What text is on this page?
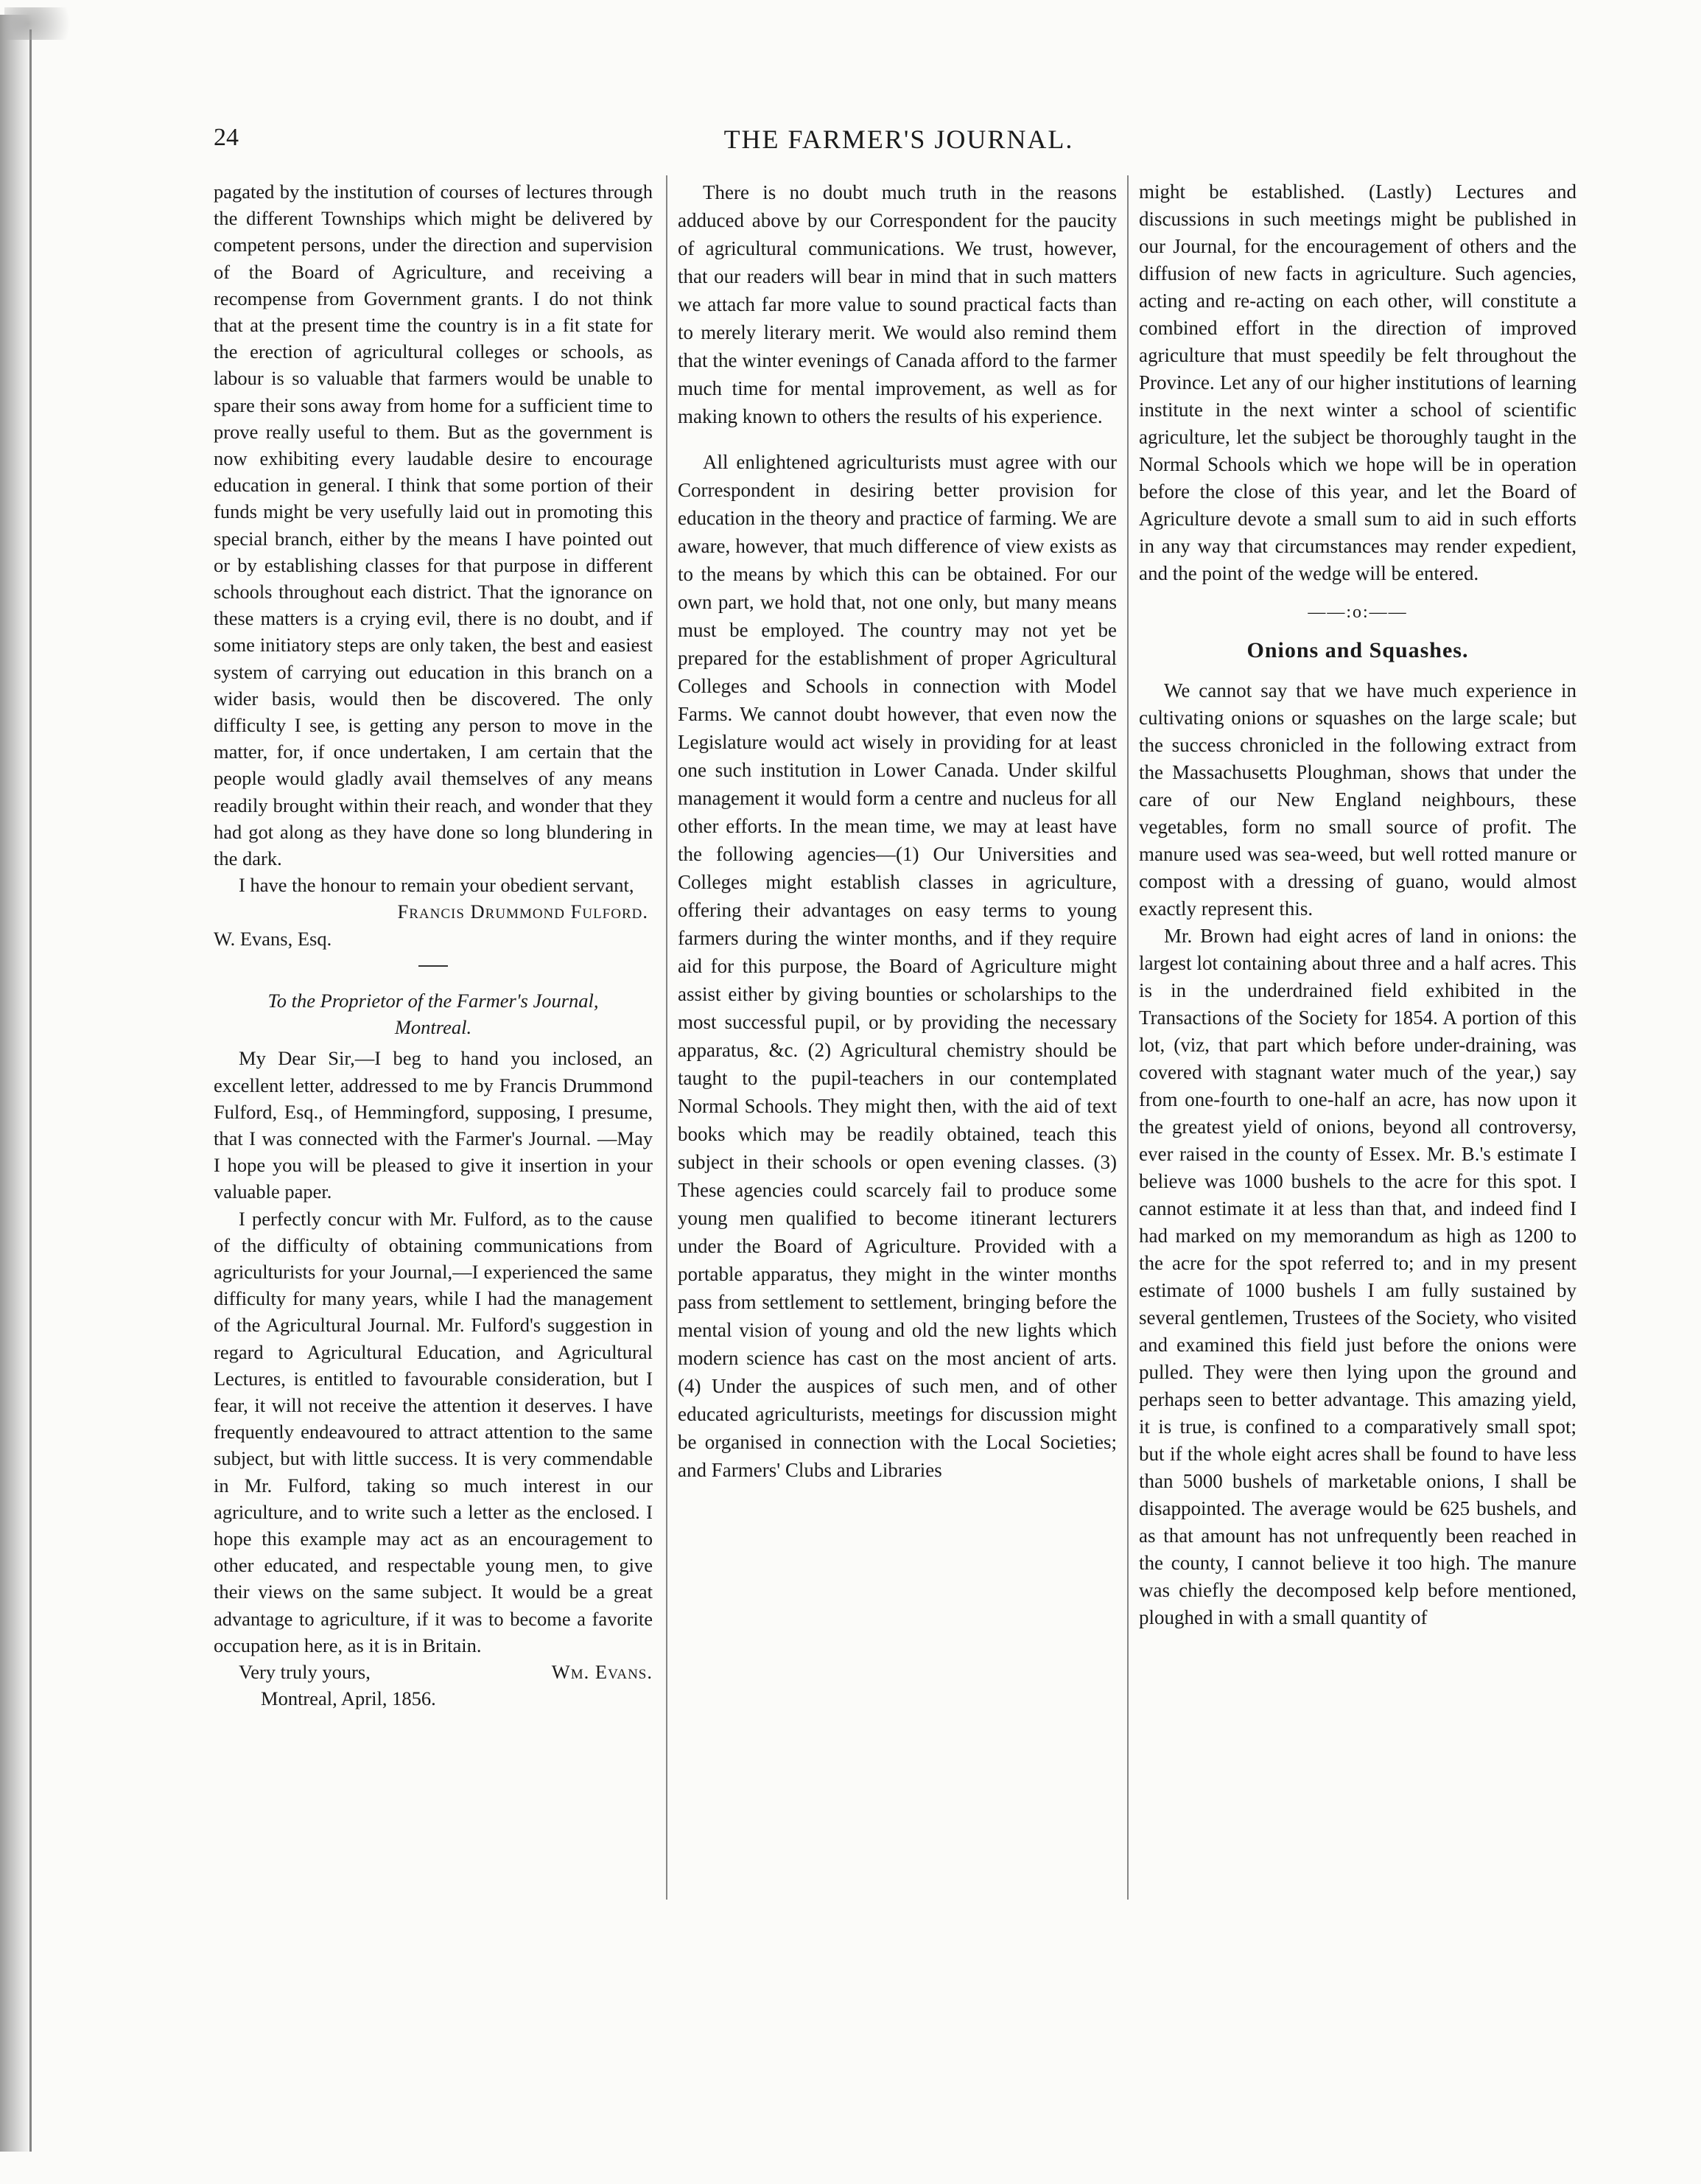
24	THE FARMER'S JOURNAL.

pagated by the institution of courses of lectures through the different Townships which might be delivered by competent persons, under the direction and supervision of the Board of Agriculture, and receiving a recompense from Government grants. I do not think that at the present time the country is in a fit state for the erection of agricultural colleges or schools, as labour is so valuable that farmers would be unable to spare their sons away from home for a sufficient time to prove really useful to them. But as the government is now exhibiting every laudable desire to encourage education in general. I think that some portion of their funds might be very usefully laid out in promoting this special branch, either by the means I have pointed out or by establishing classes for that purpose in different schools throughout each district. That the ignorance on these matters is a crying evil, there is no doubt, and if some initiatory steps are only taken, the best and easiest system of carrying out education in this branch on a wider basis, would then be discovered. The only difficulty I see, is getting any person to move in the matter, for, if once undertaken, I am certain that the people would gladly avail themselves of any means readily brought within their reach, and wonder that they had got along as they have done so long blundering in the dark.

I have the honour to remain your obedient servant,

Francis Drummond Fulford.

W. Evans, Esq.

To the Proprietor of the Farmer's Journal, Montreal.

My Dear Sir,—I beg to hand you inclosed, an excellent letter, addressed to me by Francis Drummond Fulford, Esq., of Hemmingford, supposing, I presume, that I was connected with the Farmer's Journal. —May I hope you will be pleased to give it insertion in your valuable paper.

I perfectly concur with Mr. Fulford, as to the cause of the difficulty of obtaining communications from agriculturists for your Journal,—I experienced the same difficulty for many years, while I had the management of the Agricultural Journal. Mr. Fulford's suggestion in regard to Agricultural Education, and Agricultural Lectures, is entitled to favourable consideration, but I fear, it will not receive the attention it deserves. I have frequently endeavoured to attract attention to the same subject, but with little success. It is very commendable in Mr. Fulford, taking so much interest in our agriculture, and to write such a letter as the enclosed. I hope this example may act as an encouragement to other educated, and respectable young men, to give their views on the same subject. It would be a great advantage to agriculture, if it was to become a favorite occupation here, as it is in Britain.

Very truly yours,	Wm. Evans.

Montreal, April, 1856.

There is no doubt much truth in the reasons adduced above by our Correspondent for the paucity of agricultural communications. We trust, however, that our readers will bear in mind that in such matters we attach far more value to sound practical facts than to merely literary merit. We would also remind them that the winter evenings of Canada afford to the farmer much time for mental improvement, as well as for making known to others the results of his experience.

All enlightened agriculturists must agree with our Correspondent in desiring better provision for education in the theory and practice of farming. We are aware, however, that much difference of view exists as to the means by which this can be obtained. For our own part, we hold that, not one only, but many means must be employed. The country may not yet be prepared for the establishment of proper Agricultural Colleges and Schools in connection with Model Farms. We cannot doubt however, that even now the Legislature would act wisely in providing for at least one such institution in Lower Canada. Under skilful management it would form a centre and nucleus for all other efforts. In the mean time, we may at least have the following agencies—(1) Our Universities and Colleges might establish classes in agriculture, offering their advantages on easy terms to young farmers during the winter months, and if they require aid for this purpose, the Board of Agriculture might assist either by giving bounties or scholarships to the most successful pupil, or by providing the necessary apparatus, &c. (2) Agricultural chemistry should be taught to the pupil-teachers in our contemplated Normal Schools. They might then, with the aid of text books which may be readily obtained, teach this subject in their schools or open evening classes. (3) These agencies could scarcely fail to produce some young men qualified to become itinerant lecturers under the Board of Agriculture. Provided with a portable apparatus, they might in the winter months pass from settlement to settlement, bringing before the mental vision of young and old the new lights which modern science has cast on the most ancient of arts. (4) Under the auspices of such men, and of other educated agriculturists, meetings for discussion might be organised in connection with the Local Societies; and Farmers' Clubs and Libraries

might be established. (Lastly) Lectures and discussions in such meetings might be published in our Journal, for the encouragement of others and the diffusion of new facts in agriculture. Such agencies, acting and re-acting on each other, will constitute a combined effort in the direction of improved agriculture that must speedily be felt throughout the Province. Let any of our higher institutions of learning institute in the next winter a school of scientific agriculture, let the subject be thoroughly taught in the Normal Schools which we hope will be in operation before the close of this year, and let the Board of Agriculture devote a small sum to aid in such efforts in any way that circumstances may render expedient, and the point of the wedge will be entered.

——:o:——
Onions and Squashes.

We cannot say that we have much experience in cultivating onions or squashes on the large scale; but the success chronicled in the following extract from the Massachusetts Ploughman, shows that under the care of our New England neighbours, these vegetables, form no small source of profit. The manure used was sea-weed, but well rotted manure or compost with a dressing of guano, would almost exactly represent this.

Mr. Brown had eight acres of land in onions: the largest lot containing about three and a half acres. This is in the underdrained field exhibited in the Transactions of the Society for 1854. A portion of this lot, (viz, that part which before under-draining, was covered with stagnant water much of the year,) say from one-fourth to one-half an acre, has now upon it the greatest yield of onions, beyond all controversy, ever raised in the county of Essex. Mr. B.'s estimate I believe was 1000 bushels to the acre for this spot. I cannot estimate it at less than that, and indeed find I had marked on my memorandum as high as 1200 to the acre for the spot referred to; and in my present estimate of 1000 bushels I am fully sustained by several gentlemen, Trustees of the Society, who visited and examined this field just before the onions were pulled. They were then lying upon the ground and perhaps seen to better advantage. This amazing yield, it is true, is confined to a comparatively small spot; but if the whole eight acres shall be found to have less than 5000 bushels of marketable onions, I shall be disappointed. The average would be 625 bushels, and as that amount has not unfrequently been reached in the county, I cannot believe it too high. The manure was chiefly the decomposed kelp before mentioned, ploughed in with a small quantity of
